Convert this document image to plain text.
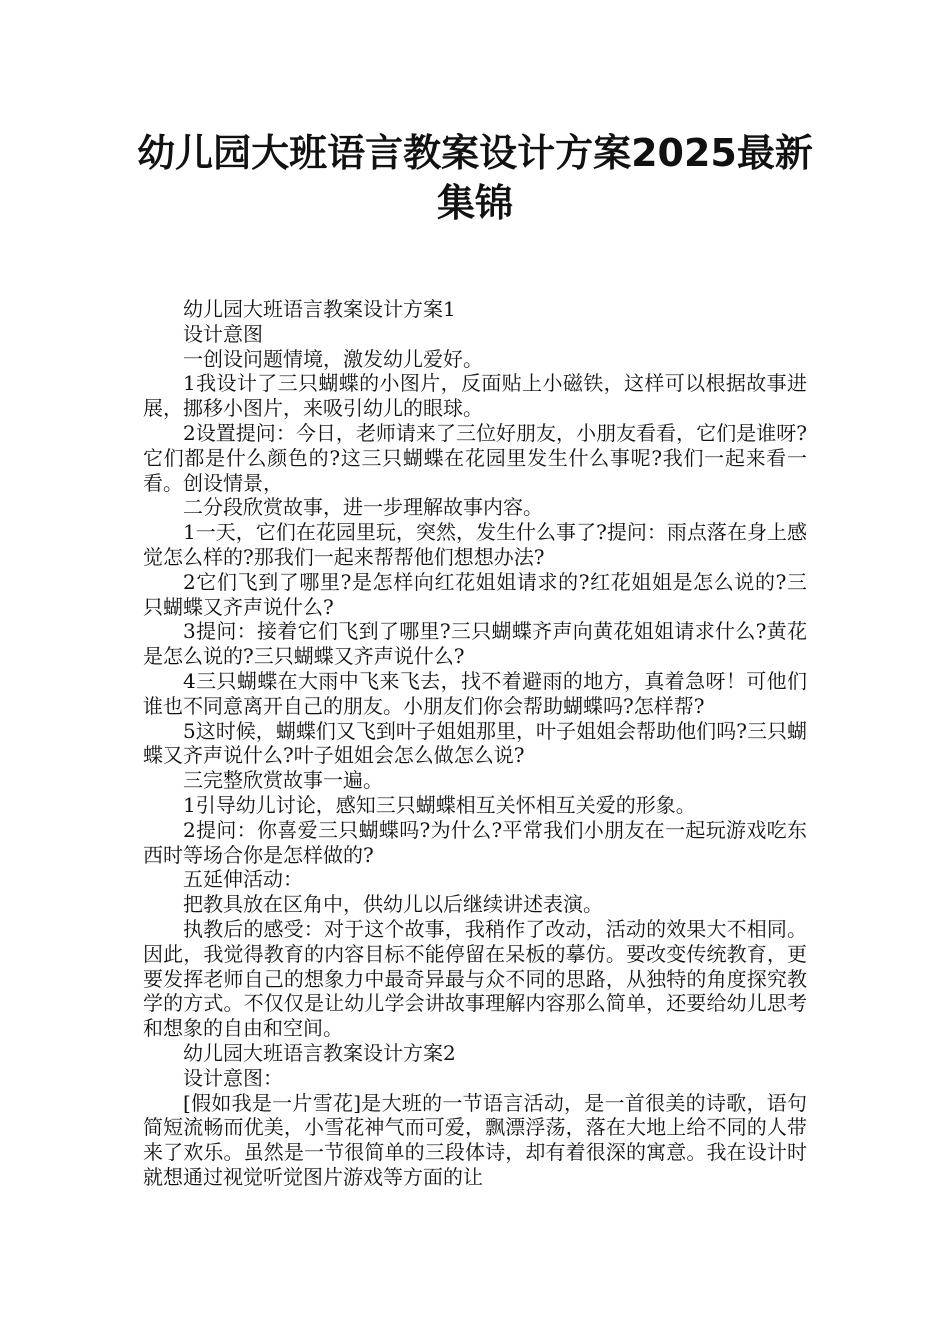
幼儿园大班语言教案设计方案2025最新集锦

幼儿园大班语言教案设计方案1

设计意图

一创设问题情境，激发幼儿爱好。

1我设计了三只蝴蝶的小图片，反面贴上小磁铁，这样可以根据故事进展，挪移小图片，来吸引幼儿的眼球。

2设置提问：今日，老师请来了三位好朋友，小朋友看看，它们是谁呀?它们都是什么颜色的?这三只蝴蝶在花园里发生什么事呢?我们一起来看一看。创设情景，

二分段欣赏故事，进一步理解故事内容。

1一天，它们在花园里玩，突然，发生什么事了?提问：雨点落在身上感觉怎么样的?那我们一起来帮帮他们想想办法?

2它们飞到了哪里?是怎样向红花姐姐请求的?红花姐姐是怎么说的?三只蝴蝶又齐声说什么?

3提问：接着它们飞到了哪里?三只蝴蝶齐声向黄花姐姐请求什么?黄花是怎么说的?三只蝴蝶又齐声说什么?

4三只蝴蝶在大雨中飞来飞去，找不着避雨的地方，真着急呀！可他们谁也不同意离开自己的朋友。小朋友们你会帮助蝴蝶吗?怎样帮?

5这时候，蝴蝶们又飞到叶子姐姐那里，叶子姐姐会帮助他们吗?三只蝴蝶又齐声说什么?叶子姐姐会怎么做怎么说?

三完整欣赏故事一遍。

1引导幼儿讨论，感知三只蝴蝶相互关怀相互关爱的形象。

2提问：你喜爱三只蝴蝶吗?为什么?平常我们小朋友在一起玩游戏吃东西时等场合你是怎样做的?

五延伸活动：

把教具放在区角中，供幼儿以后继续讲述表演。

执教后的感受：对于这个故事，我稍作了改动，活动的效果大不相同。因此，我觉得教育的内容目标不能停留在呆板的摹仿。要改变传统教育，更要发挥老师自己的想象力中最奇异最与众不同的思路，从独特的角度探究教学的方式。不仅仅是让幼儿学会讲故事理解内容那么简单，还要给幼儿思考和想象的自由和空间。

幼儿园大班语言教案设计方案2

设计意图：

[假如我是一片雪花]是大班的一节语言活动，是一首很美的诗歌，语句简短流畅而优美，小雪花神气而可爱，飘漂浮荡，落在大地上给不同的人带来了欢乐。虽然是一节很简单的三段体诗，却有着很深的寓意。我在设计时就想通过视觉听觉图片游戏等方面的让
